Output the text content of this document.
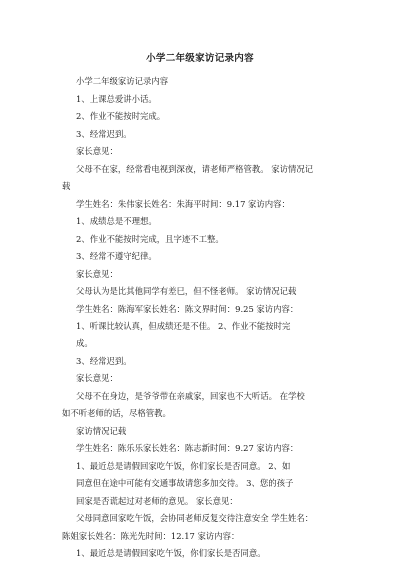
小学二年级家访记录内容
小学二年级家访记录内容
1、上课总爱讲小话。
2、作业不能按时完成。
3、经常迟到。
家长意见：
父母不在家，经常看电视到深夜，请老师严格管教。 家访情况记
载
学生姓名：朱伟家长姓名：朱海平时间：9.17 家访内容：
1、成绩总是不理想。
2、作业不能按时完成，且字迹不工整。
3、经常不遵守纪律。
家长意见：
父母认为是比其他同学有差巳，但不怪老师。 家访情况记载
学生姓名：陈海军家长姓名：陈文界时间：9.25 家访内容：
1、听课比较认真，但成绩还是不佳。 2、作业不能按时完
成。
3、经常迟到。
家长意见：
父母不在身边，是爷爷带在亲戚家，回家也不大听话。 在学校
如不听老师的话，尽格管教。
家访情况记载
学生姓名：陈乐乐家长姓名：陈志新时间：9.27 家访内容：
1、最近总是请假回家吃午饭，你们家长是否同意。 2、如
同意但在途中可能有交通事故请您多加交待。 3、您的孩子
回家是否谎起过对老师的意见。 家长意见：
父母同意回家吃午饭，会协同老师反复交待注意安全 学生姓名：
陈姐家长姓名：陈光先时间：12.17 家访内容：
1、最近总是请假回家吃午饭，你们家长是否同意。
